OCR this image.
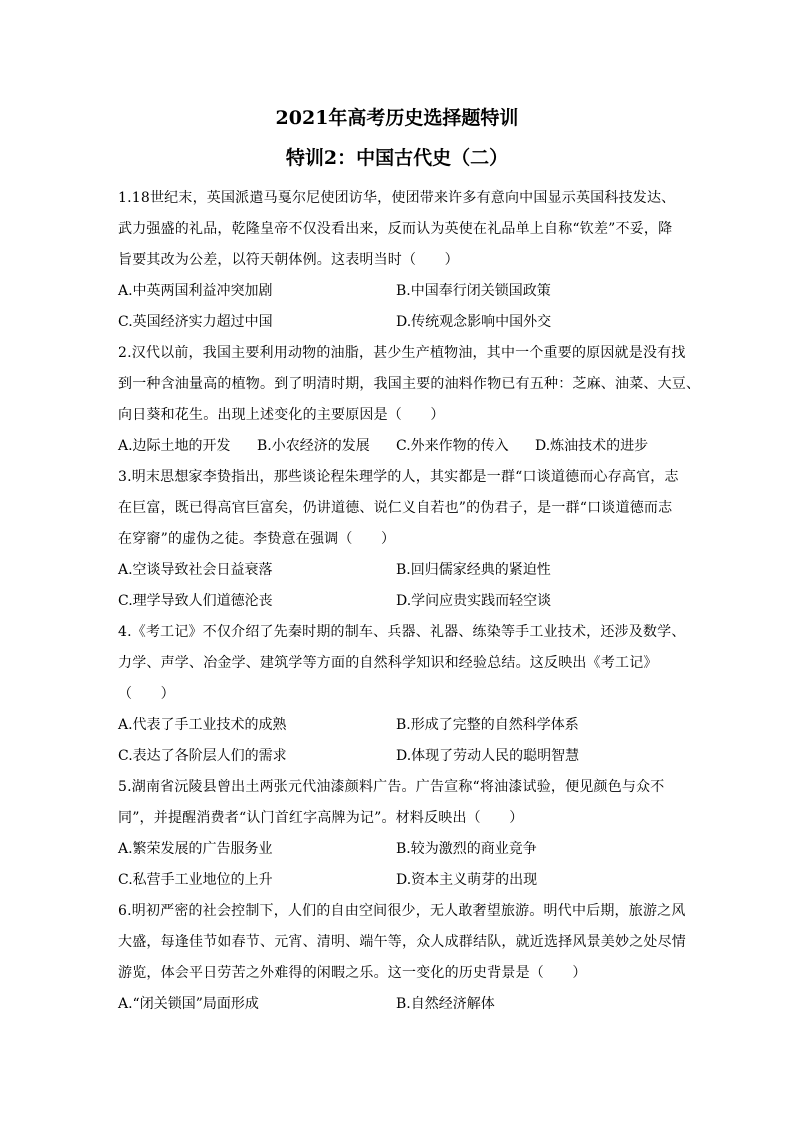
2021年高考历史选择题特训
特训2：中国古代史（二）

1.18世纪末，英国派遣马戛尔尼使团访华，使团带来许多有意向中国显示英国科技发达、

武力强盛的礼品，乾隆皇帝不仅没看出来，反而认为英使在礼品单上自称“钦差”不妥，降

旨要其改为公差，以符天朝体例。这表明当时（　　）

A.中英两国利益冲突加剧	B.中国奉行闭关锁国政策
C.英国经济实力超过中国	D.传统观念影响中国外交

2.汉代以前，我国主要利用动物的油脂，甚少生产植物油，其中一个重要的原因就是没有找

到一种含油量高的植物。到了明清时期，我国主要的油料作物已有五种：芝麻、油菜、大豆、

向日葵和花生。出现上述变化的主要原因是（　　）

A.边际土地的开发	B.小农经济的发展	C.外来作物的传入	D.炼油技术的进步

3.明末思想家李贽指出，那些谈论程朱理学的人，其实都是一群“口谈道德而心存高官，志

在巨富，既已得高官巨富矣，仍讲道德、说仁义自若也”的伪君子，是一群“口谈道德而志

在穿窬”的虚伪之徒。李贽意在强调（　　）

A.空谈导致社会日益衰落	B.回归儒家经典的紧迫性
C.理学导致人们道德沦丧	D.学问应贵实践而轻空谈

4.《考工记》不仅介绍了先秦时期的制车、兵器、礼器、练染等手工业技术，还涉及数学、

力学、声学、冶金学、建筑学等方面的自然科学知识和经验总结。这反映出《考工记》

（　　）

A.代表了手工业技术的成熟	B.形成了完整的自然科学体系
C.表达了各阶层人们的需求	D.体现了劳动人民的聪明智慧

5.湖南省沅陵县曾出土两张元代油漆颜料广告。广告宣称“将油漆试验，便见颜色与众不

同”，并提醒消费者“认门首红字高牌为记”。材料反映出（　　）

A.繁荣发展的广告服务业	B.较为激烈的商业竞争
C.私营手工业地位的上升	D.资本主义萌芽的出现

6.明初严密的社会控制下，人们的自由空间很少，无人敢奢望旅游。明代中后期，旅游之风

大盛，每逢佳节如春节、元宵、清明、端午等，众人成群结队，就近选择风景美妙之处尽情

游览，体会平日劳苦之外难得的闲暇之乐。这一变化的历史背景是（　　）

A.“闭关锁国”局面形成	B.自然经济解体
